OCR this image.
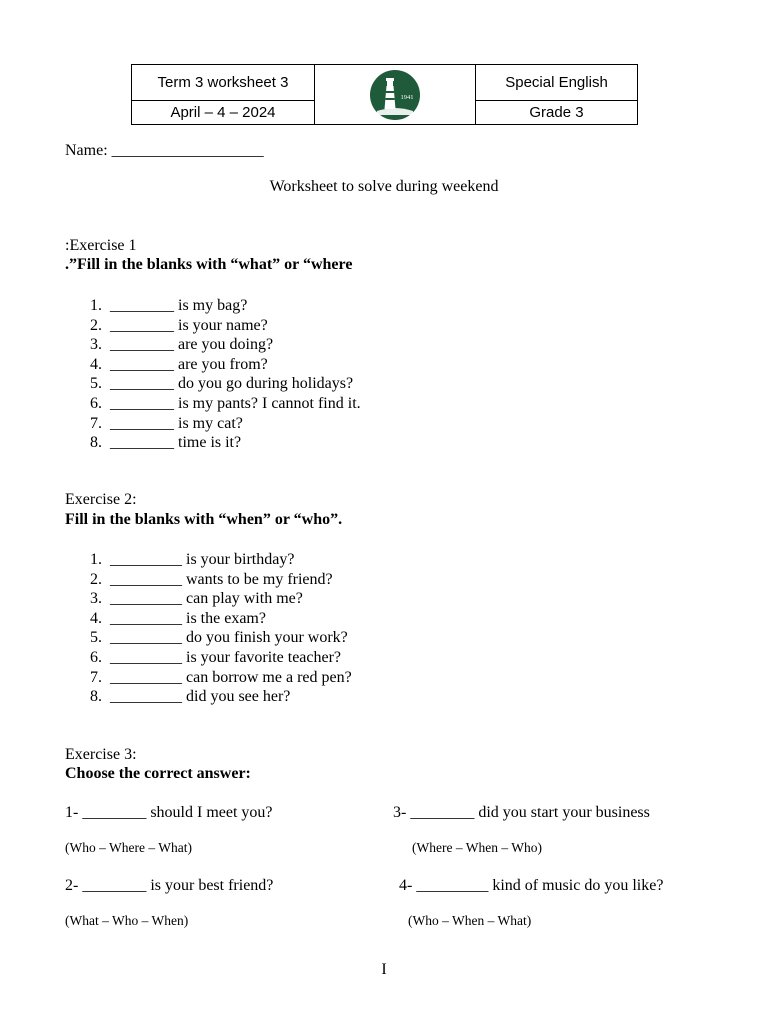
Term 3 worksheet 3	1941	Special English
April – 4 – 2024		Grade 3
Name: ___________________
Worksheet to solve during weekend
:Exercise 1
.”Fill in the blanks with “what” or “where
1. ________ is my bag?
2. ________ is your name?
3. ________ are you doing?
4. ________ are you from?
5. ________ do you go during holidays?
6. ________ is my pants? I cannot find it.
7. ________ is my cat?
8. ________ time is it?
Exercise 2:
Fill in the blanks with “when” or “who”.
1. _________ is your birthday?
2. _________ wants to be my friend?
3. _________ can play with me?
4. _________ is the exam?
5. _________ do you finish your work?
6. _________ is your favorite teacher?
7. _________ can borrow me a red pen?
8. _________ did you see her?
Exercise 3:
Choose the correct answer:
1- ________ should I meet you?
(Who – Where – What)
2- ________ is your best friend?
(What – Who – When)
3- ________ did you start your business
(Where – When – Who)
4- _________ kind of music do you like?
(Who – When – What)
I
